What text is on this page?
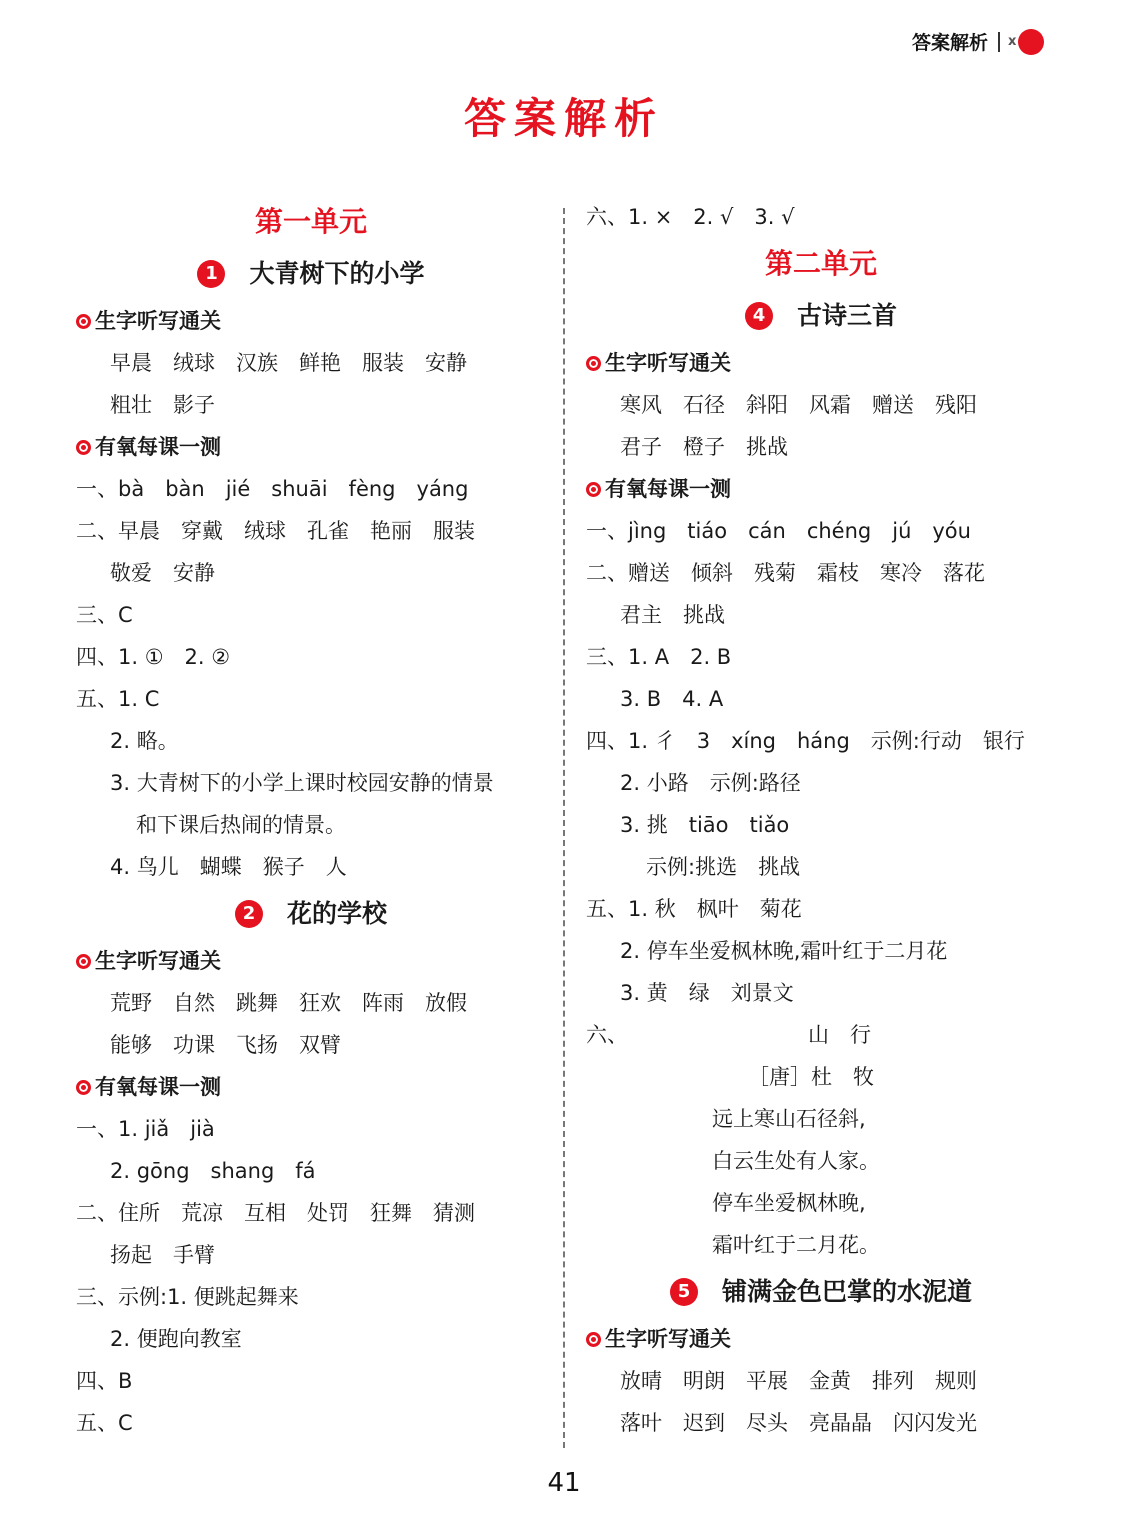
答案解析 ⅹ
答案解析
第一单元
1	大青树下的小学
生字听写通关
早晨　绒球　汉族　鲜艳　服装　安静
粗壮　影子
有氧每课一测
一、bà　bàn　jié　shuāi　fèng　yáng
二、早晨　穿戴　绒球　孔雀　艳丽　服装
敬爱　安静
三、C
四、1. ①　2. ②
五、1. C
2. 略。
3. 大青树下的小学上课时校园安静的情景
和下课后热闹的情景。
4. 鸟儿　蝴蝶　猴子　人
2	花的学校
生字听写通关
荒野　自然　跳舞　狂欢　阵雨　放假
能够　功课　飞扬　双臂
有氧每课一测
一、1. jiǎ　jià
2. gōng　shang　fá
二、住所　荒凉　互相　处罚　狂舞　猜测
扬起　手臂
三、示例:1. 便跳起舞来
2. 便跑向教室
四、B
五、C
六、1. ×　2. √　3. √
第二单元
4	古诗三首
生字听写通关
寒风　石径　斜阳　风霜　赠送　残阳
君子　橙子　挑战
有氧每课一测
一、jìng　tiáo　cán　chéng　jú　yóu
二、赠送　倾斜　残菊　霜枝　寒冷　落花
君主　挑战
三、1. A　2. B
3. B　4. A
四、1. 彳　3　xíng　háng　示例:行动　银行
2. 小路　示例:路径
3. 挑　tiāo　tiǎo
示例:挑选　挑战
五、1. 秋　枫叶　菊花
2. 停车坐爱枫林晚,霜叶红于二月花
3. 黄　绿　刘景文
六、	山　行
［唐］杜　牧
远上寒山石径斜,
白云生处有人家。
停车坐爱枫林晚,
霜叶红于二月花。
5	铺满金色巴掌的水泥道
生字听写通关
放晴　明朗　平展　金黄　排列　规则
落叶　迟到　尽头　亮晶晶　闪闪发光
41
